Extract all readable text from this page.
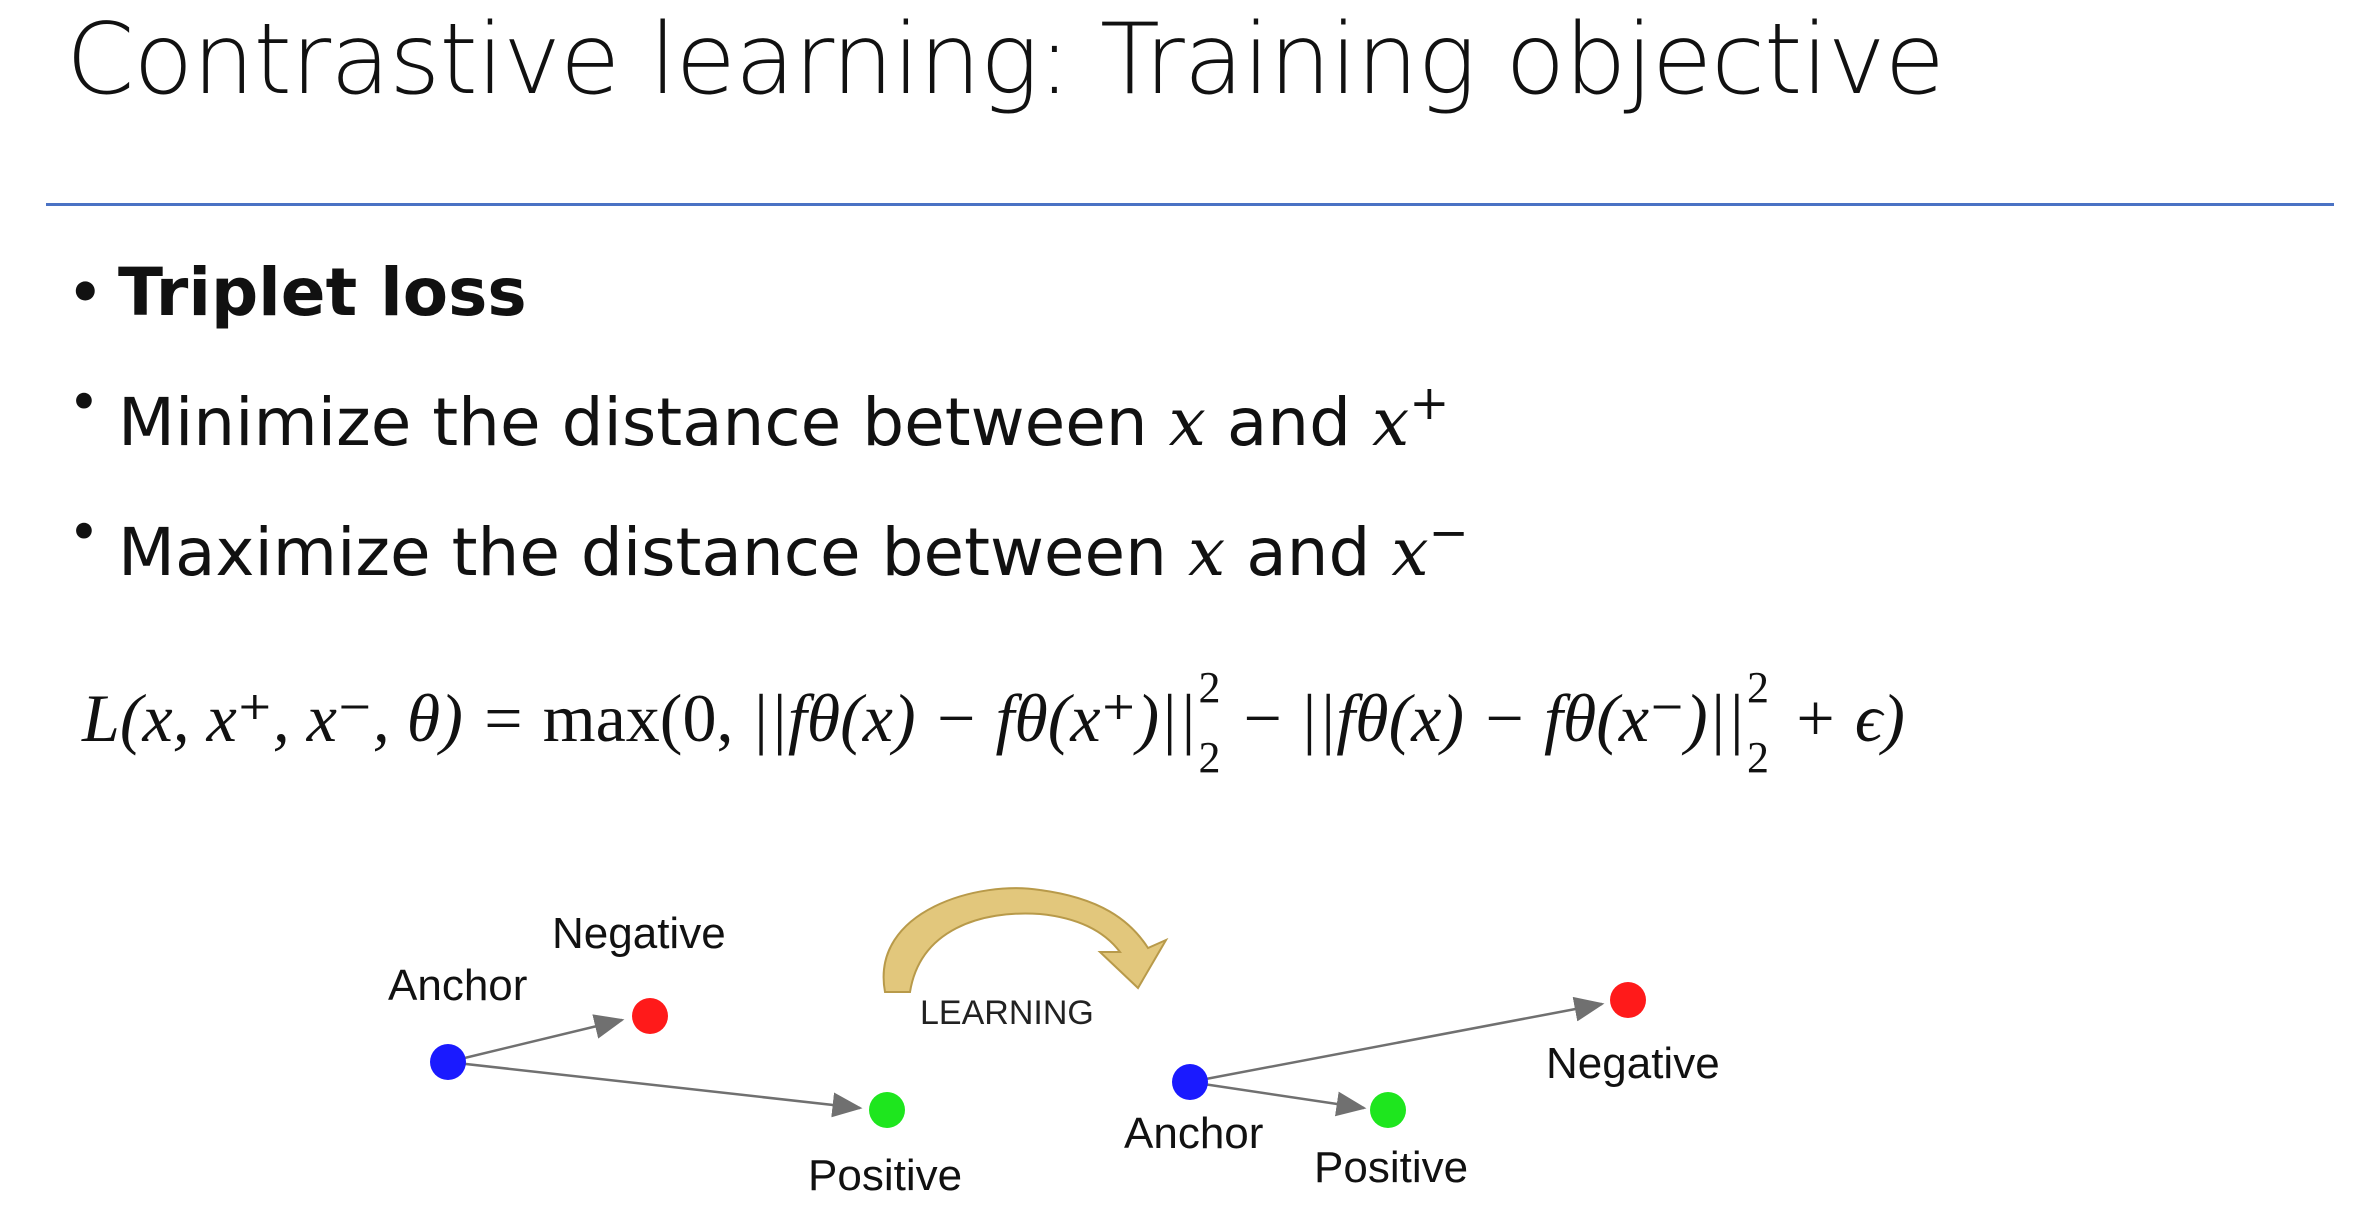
Contrastive learning: Training objective
• Triplet loss
• Minimize the distance between x and x+
• Maximize the distance between x and x−
L(x, x⁺, x⁻, θ) = max(0, ||fθ(x) − fθ(x⁺)|| 2
2
− ||fθ(x) − fθ(x⁻)|| 2
2
+ ϵ)
Anchor
Negative
Positive
LEARNING
Anchor
Negative
Positive
